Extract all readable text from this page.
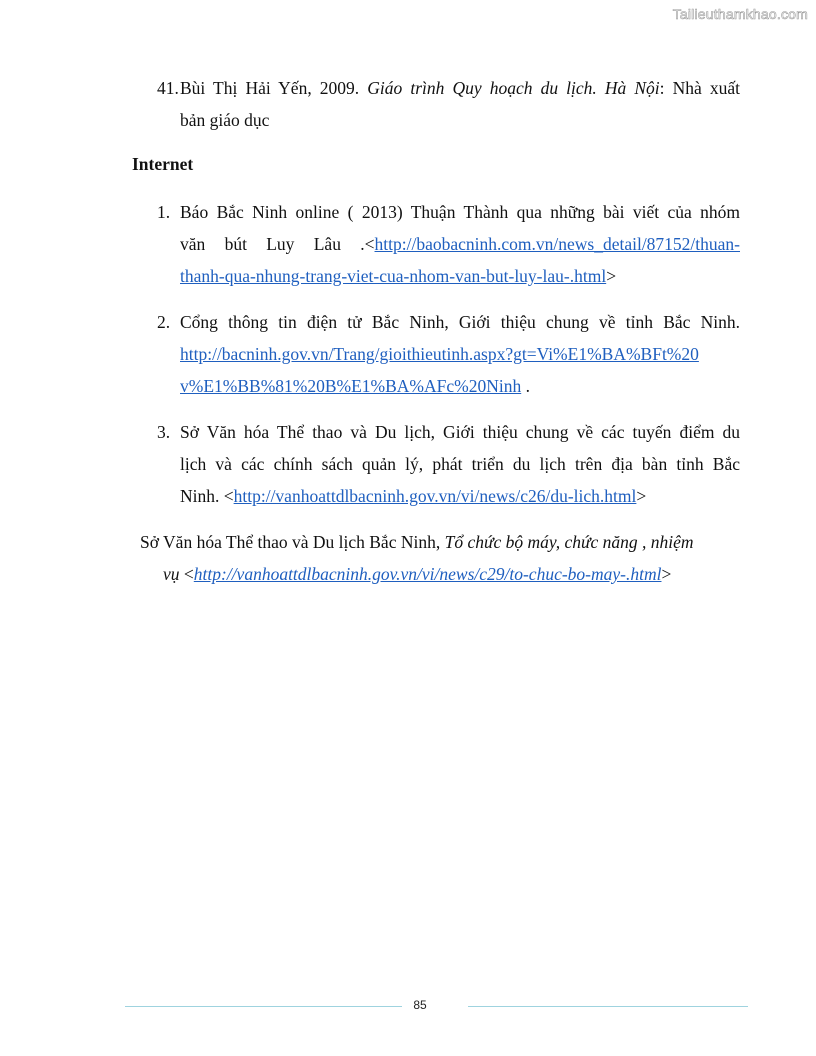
Tailieuthamkhao.com
41. Bùi Thị Hải Yến, 2009. Giáo trình Quy hoạch du lịch. Hà Nội: Nhà xuất
bản giáo dục
Internet
1. Báo Bắc Ninh online ( 2013) Thuận Thành qua những bài viết của nhóm
văn bút Luy Lâu .<http://baobacninh.com.vn/news_detail/87152/thuan-
thanh-qua-nhung-trang-viet-cua-nhom-van-but-luy-lau-.html>
2. Cổng thông tin điện tử Bắc Ninh, Giới thiệu chung về tỉnh Bắc Ninh.
http://bacninh.gov.vn/Trang/gioithieutinh.aspx?gt=Vi%E1%BA%BFt%20
v%E1%BB%81%20B%E1%BA%AFc%20Ninh .
3. Sở Văn hóa Thể thao và Du lịch, Giới thiệu chung về các tuyến điểm du
lịch và các chính sách quản lý, phát triển du lịch trên địa bàn tỉnh Bắc
Ninh. <http://vanhoattdlbacninh.gov.vn/vi/news/c26/du-lich.html>
Sở Văn hóa Thể thao và Du lịch Bắc Ninh, Tổ chức bộ máy, chức năng , nhiệm
vụ <http://vanhoattdlbacninh.gov.vn/vi/news/c29/to-chuc-bo-may-.html>
85
